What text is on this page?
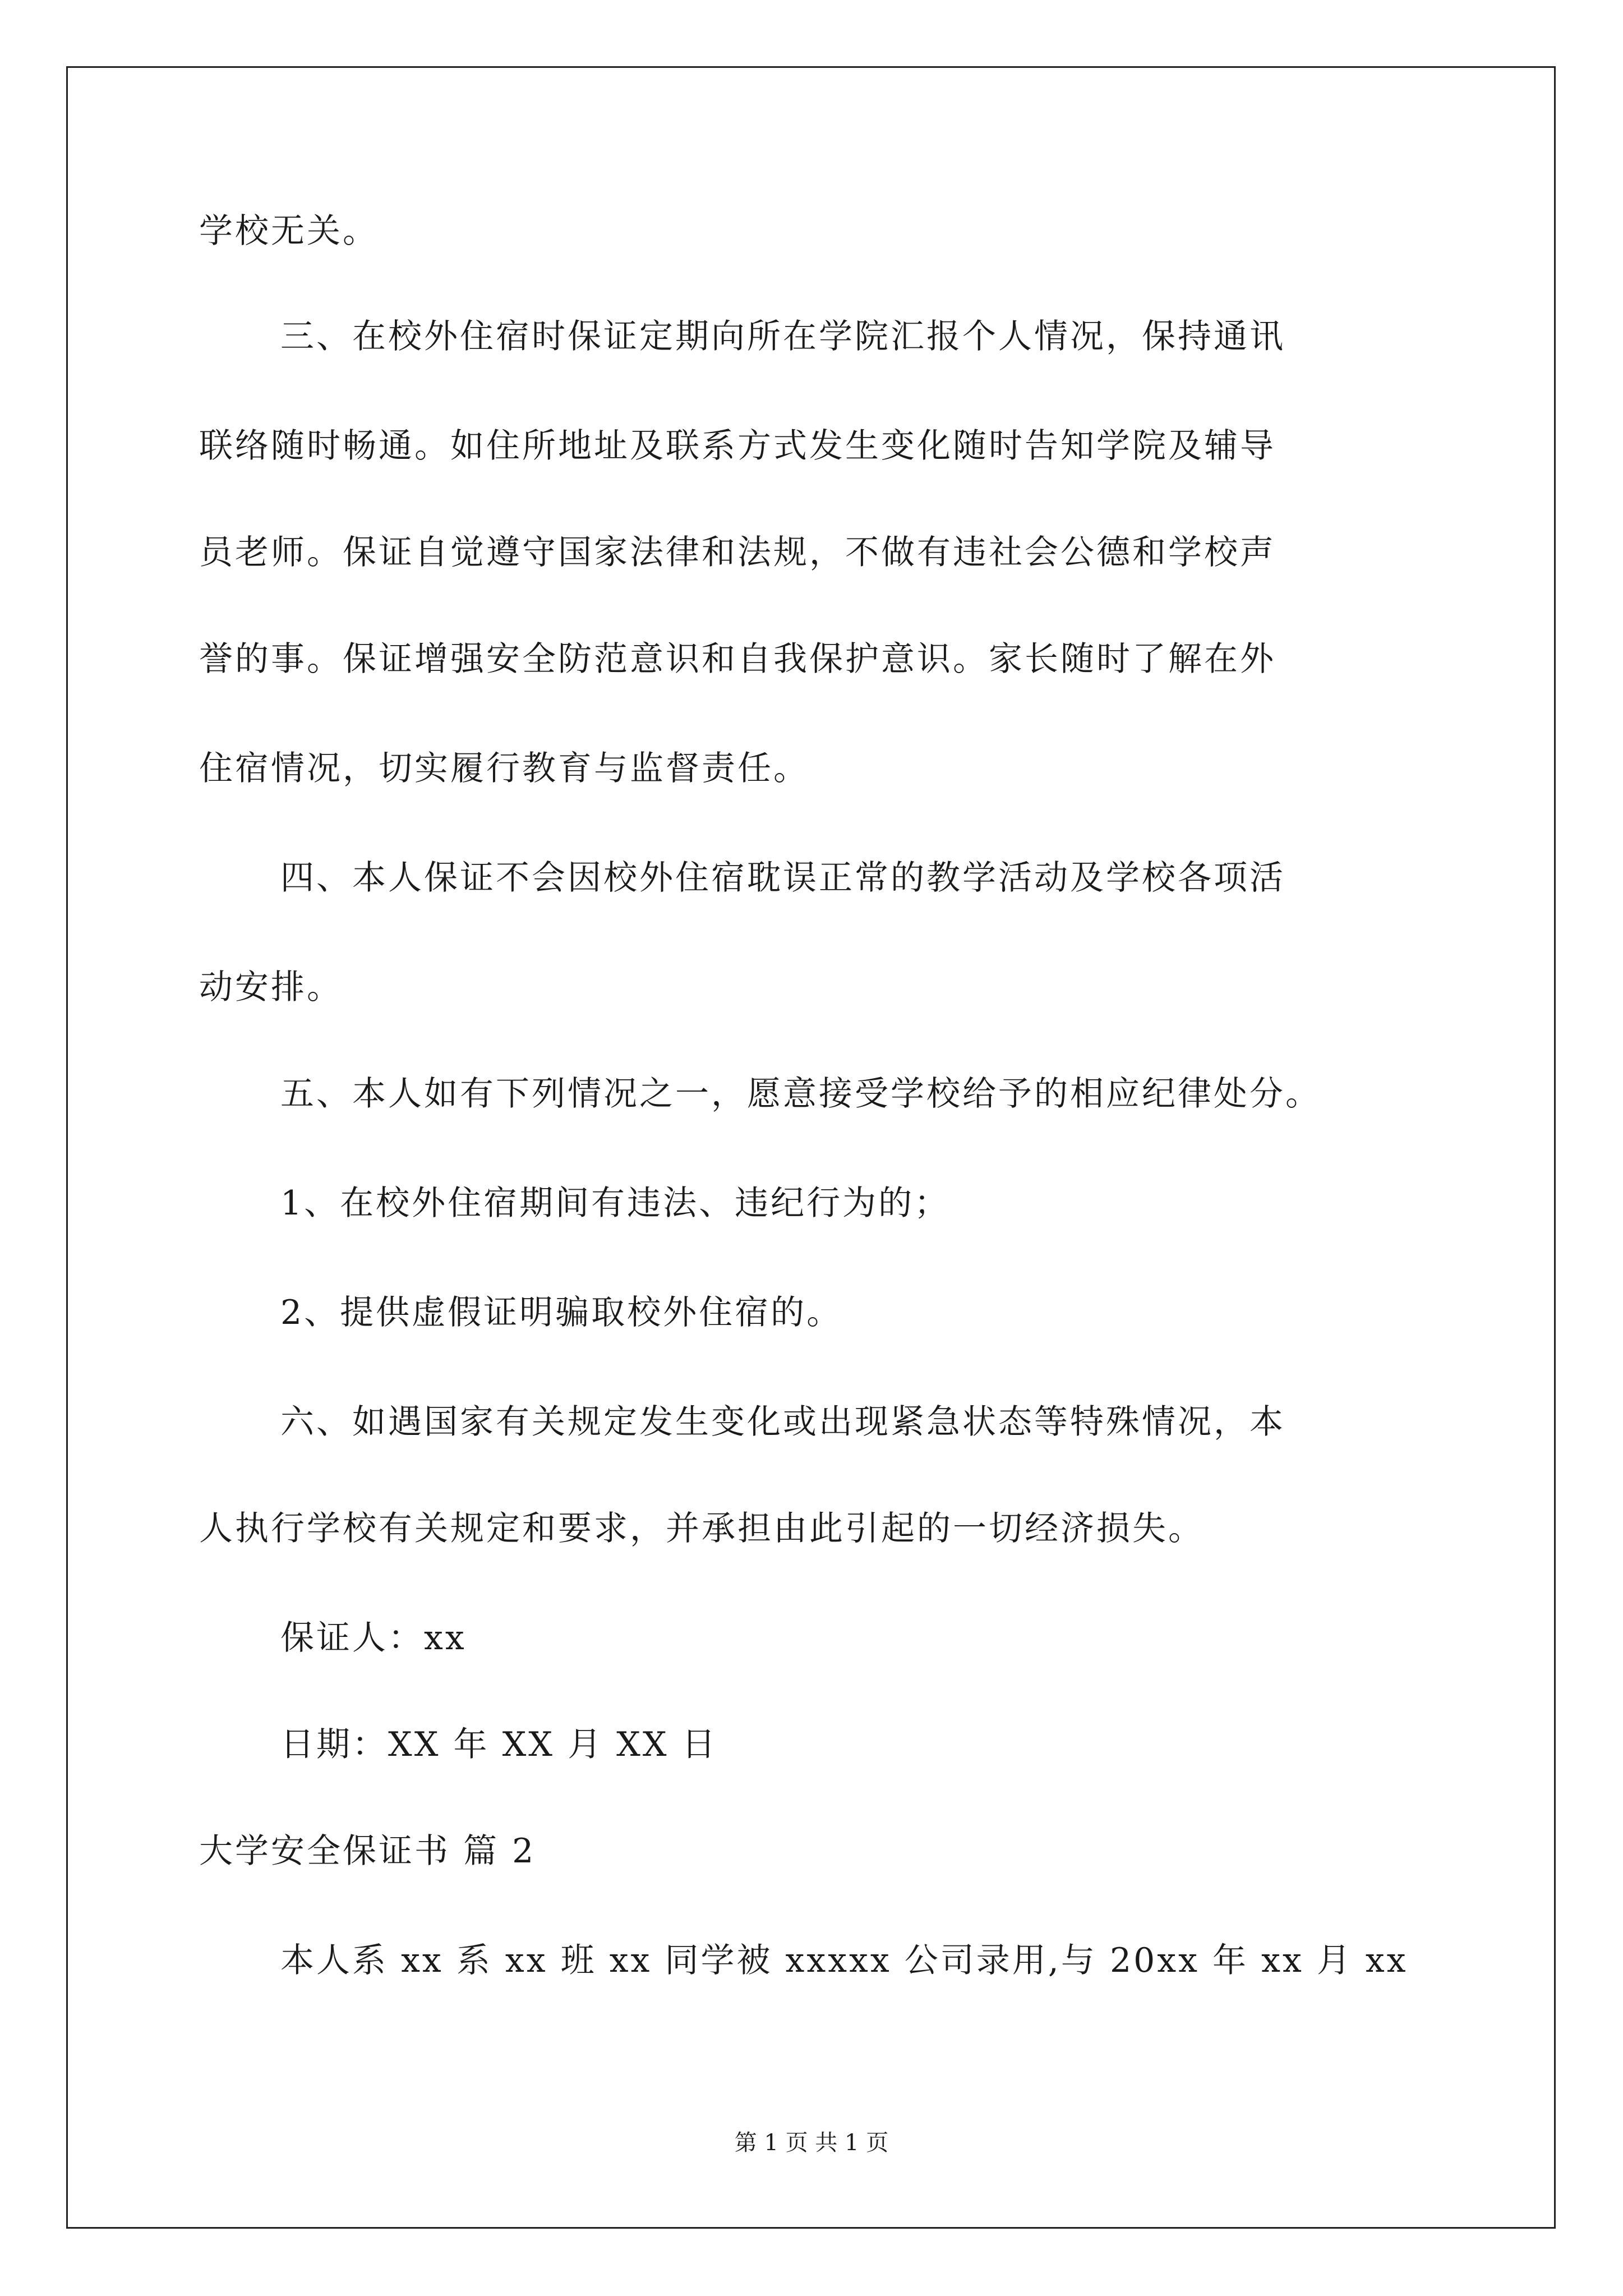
学校无关。
三、在校外住宿时保证定期向所在学院汇报个人情况，保持通讯
联络随时畅通。如住所地址及联系方式发生变化随时告知学院及辅导
员老师。保证自觉遵守国家法律和法规，不做有违社会公德和学校声
誉的事。保证增强安全防范意识和自我保护意识。家长随时了解在外
住宿情况，切实履行教育与监督责任。
四、本人保证不会因校外住宿耽误正常的教学活动及学校各项活
动安排。
五、本人如有下列情况之一，愿意接受学校给予的相应纪律处分。
1、在校外住宿期间有违法、违纪行为的；
2、提供虚假证明骗取校外住宿的。
六、如遇国家有关规定发生变化或出现紧急状态等特殊情况，本
人执行学校有关规定和要求，并承担由此引起的一切经济损失。
保证人：xx
日期：XX 年 XX 月 XX 日
大学安全保证书 篇 2
本人系 xx 系 xx 班 xx 同学被 xxxxx 公司录用,与 20xx 年 xx 月 xx
第 1 页 共 1 页
